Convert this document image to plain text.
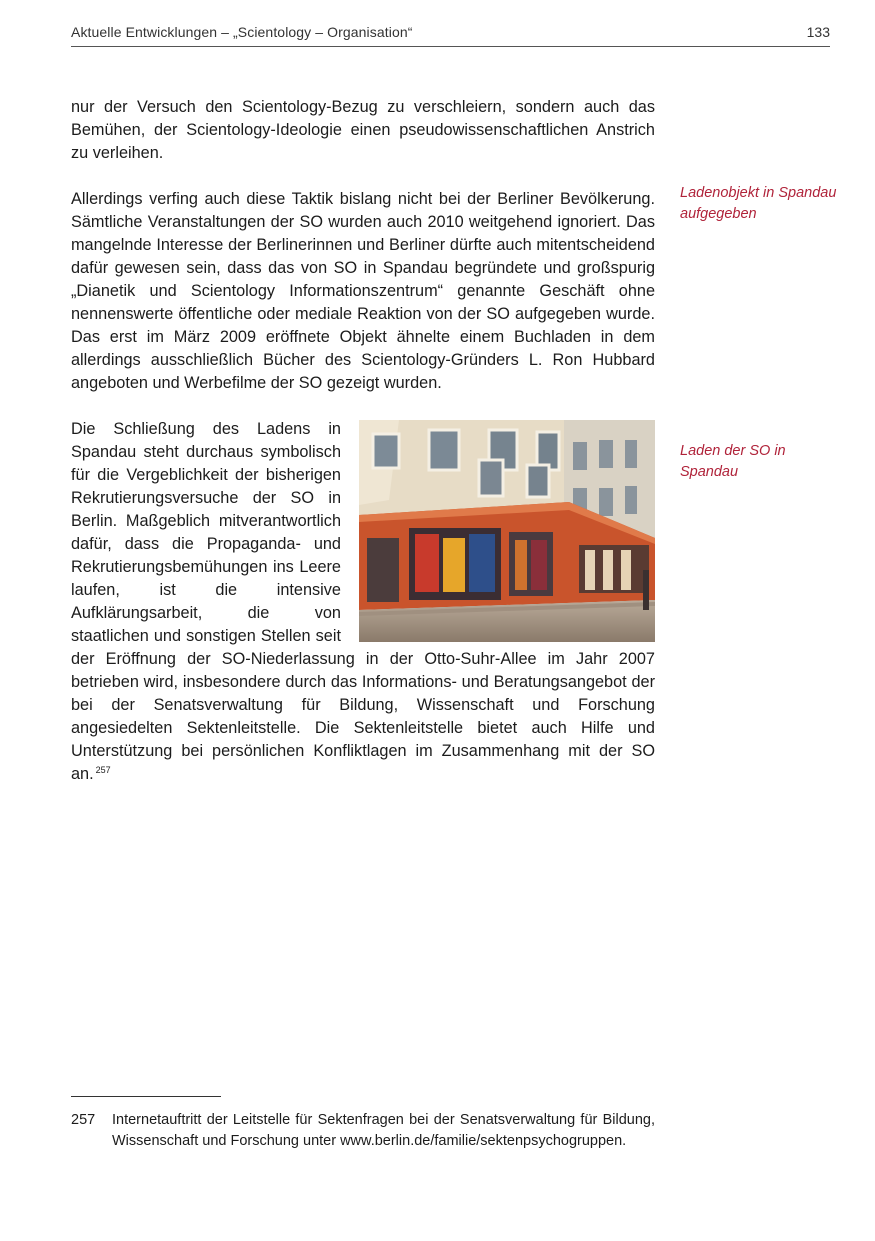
Aktuelle Entwicklungen – „Scientology – Organisation“	133

nur der Versuch den Scientology-Bezug zu verschleiern, sondern auch das Bemühen, der Scientology-Ideologie einen pseudowissenschaftlichen Anstrich zu verleihen.

Allerdings verfing auch diese Taktik bislang nicht bei der Berliner Bevölkerung. Sämtliche Veranstaltungen der SO wurden auch 2010 weitgehend ignoriert. Das mangelnde Interesse der Berlinerinnen und Berliner dürfte auch mitentscheidend dafür gewesen sein, dass das von SO in Spandau begründete und großspurig „Dianetik und Scientology Informationszentrum“ genannte Geschäft ohne nennenswerte öffentliche oder mediale Reaktion von der SO aufgegeben wurde. Das erst im März 2009 eröffnete Objekt ähnelte einem Buchladen in dem allerdings ausschließlich Bücher des Scientology-Gründers L. Ron Hubbard angeboten und Werbefilme der SO gezeigt wurden.

Die Schließung des Ladens in Spandau steht durchaus symbolisch für die Vergeblichkeit der bisherigen Rekrutierungsversuche der SO in Berlin. Maßgeblich mitverantwortlich dafür, dass die Propaganda- und Rekrutierungsbemühungen ins Leere laufen, ist die intensive Aufklärungsarbeit, die von staatlichen und sonstigen Stellen seit der Eröffnung der SO-Niederlassung in der Otto-Suhr-Allee im Jahr 2007 betrieben wird, insbesondere durch das Informations- und Beratungsangebot der bei der Senatsverwaltung für Bildung, Wissenschaft und Forschung angesiedelten Sektenleitstelle. Die Sektenleitstelle bietet auch Hilfe und Unterstützung bei persönlichen Konfliktlagen im Zusammenhang mit der SO an. $^{257}$

Ladenobjekt in Spandau aufgegeben
Laden der SO in Spandau
257 Internetauftritt der Leitstelle für Sektenfragen bei der Senatsverwaltung für Bildung, Wissenschaft und Forschung unter www.berlin.de/familie/sektenpsychogruppen.
